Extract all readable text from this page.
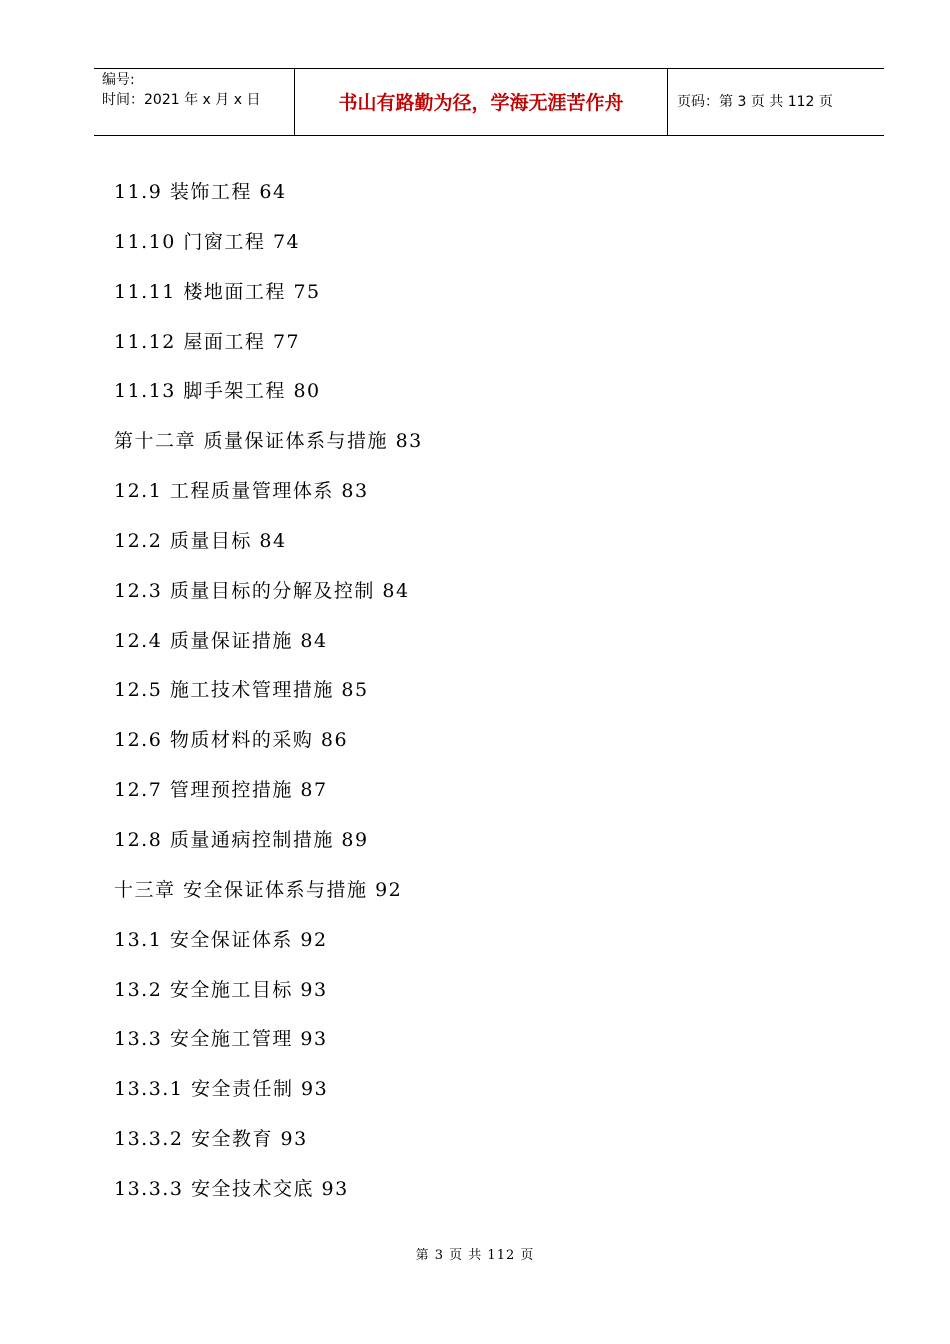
编号:
时间：2021 年 x 月 x 日	书山有路勤为径，学海无涯苦作舟	页码：第 3 页 共 112 页
11.9 装饰工程 64
11.10 门窗工程 74
11.11 楼地面工程 75
11.12 屋面工程 77
11.13 脚手架工程 80
第十二章 质量保证体系与措施 83
12.1 工程质量管理体系 83
12.2 质量目标 84
12.3 质量目标的分解及控制 84
12.4 质量保证措施 84
12.5 施工技术管理措施 85
12.6 物质材料的采购 86
12.7 管理预控措施 87
12.8 质量通病控制措施 89
十三章 安全保证体系与措施 92
13.1 安全保证体系 92
13.2 安全施工目标 93
13.3 安全施工管理 93
13.3.1 安全责任制 93
13.3.2 安全教育 93
13.3.3 安全技术交底 93
第 3 页 共 112 页
